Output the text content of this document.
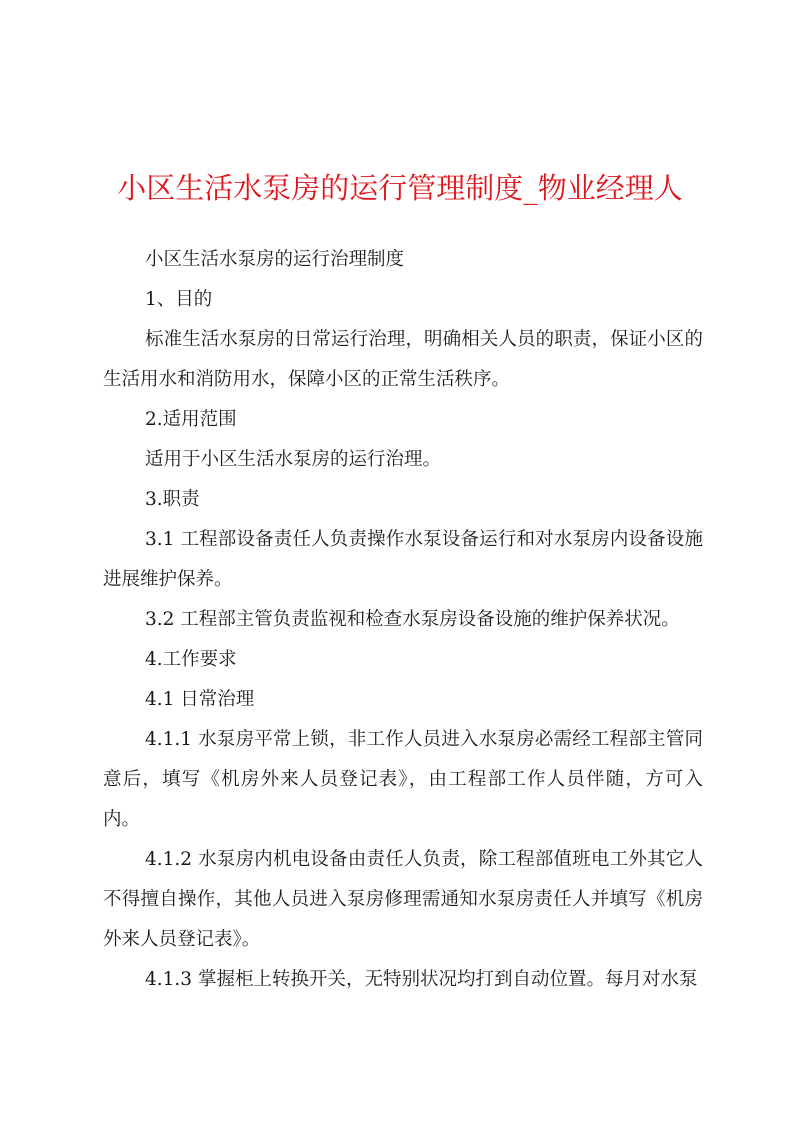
小区生活水泵房的运行管理制度_物业经理人

小区生活水泵房的运行治理制度

1、目的

标准生活水泵房的日常运行治理，明确相关人员的职责，保证小区的生活用水和消防用水，保障小区的正常生活秩序。

2.适用范围

适用于小区生活水泵房的运行治理。

3.职责

3.1 工程部设备责任人负责操作水泵设备运行和对水泵房内设备设施进展维护保养。

3.2 工程部主管负责监视和检查水泵房设备设施的维护保养状况。

4.工作要求

4.1 日常治理

4.1.1 水泵房平常上锁，非工作人员进入水泵房必需经工程部主管同意后，填写《机房外来人员登记表》，由工程部工作人员伴随，方可入内。

4.1.2 水泵房内机电设备由责任人负责，除工程部值班电工外其它人不得擅自操作，其他人员进入泵房修理需通知水泵房责任人并填写《机房外来人员登记表》。

4.1.3 掌握柜上转换开关，无特别状况均打到自动位置。每月对水泵
